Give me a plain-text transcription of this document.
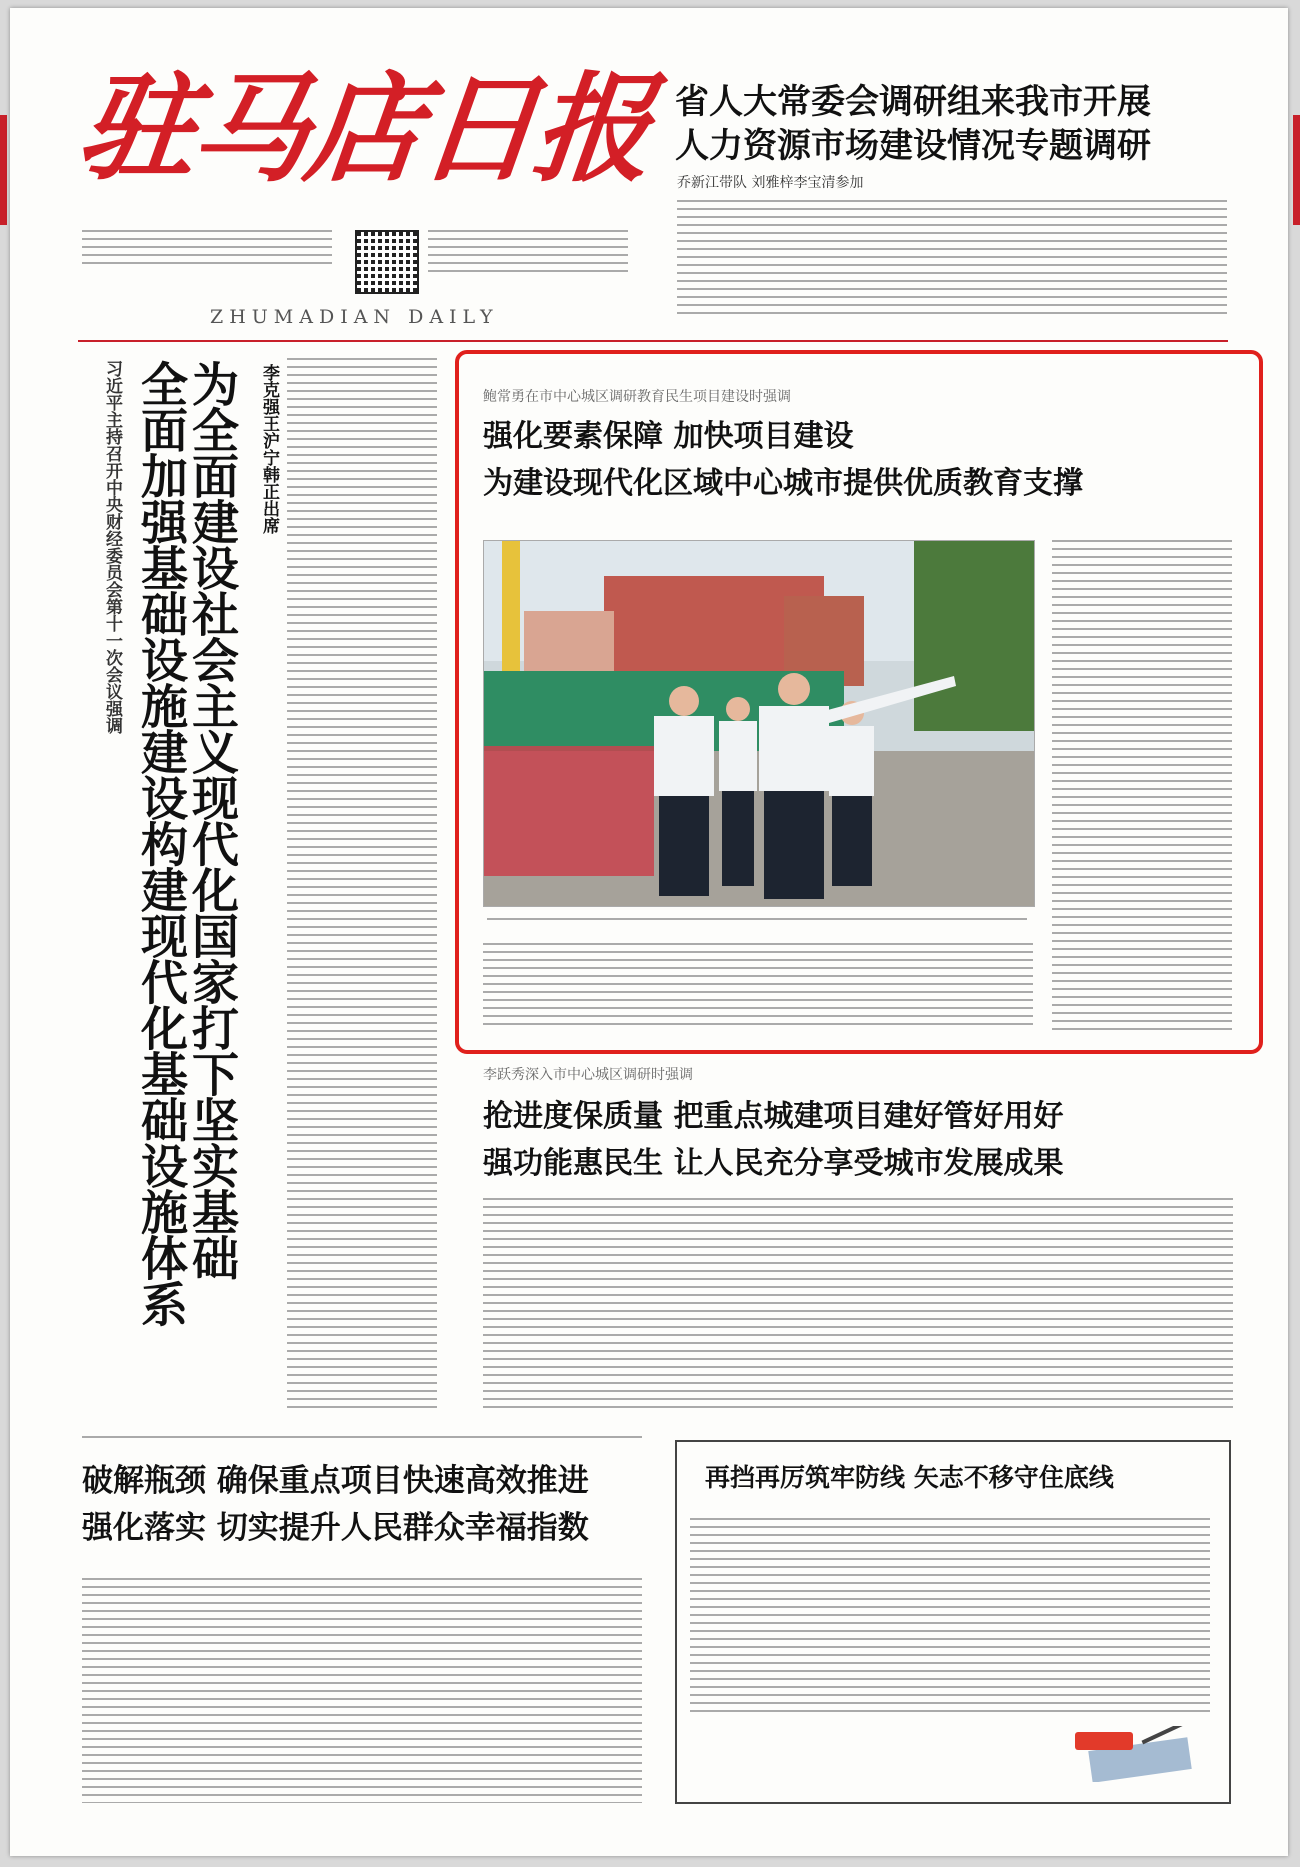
驻马店日报
ZHUMADIAN DAILY
省人大常委会调研组来我市开展
人力资源市场建设情况专题调研
乔新江带队 刘雅梓李宝清参加
为全面建设社会主义现代化国家打下坚实基础
全面加强基础设施建设构建现代化基础设施体系
习近平主持召开中央财经委员会第十一次会议强调	李克强王沪宁韩正出席	鲍常勇在市中心城区调研教育民生项目建设时强调
强化要素保障 加快项目建设
为建设现代化区域中心城市提供优质教育支撑
李跃秀深入市中心城区调研时强调
抢进度保质量 把重点城建项目建好管好用好
强功能惠民生 让人民充分享受城市发展成果
破解瓶颈 确保重点项目快速高效推进
强化落实 切实提升人民群众幸福指数
再挡再厉筑牢防线 矢志不移守住底线
